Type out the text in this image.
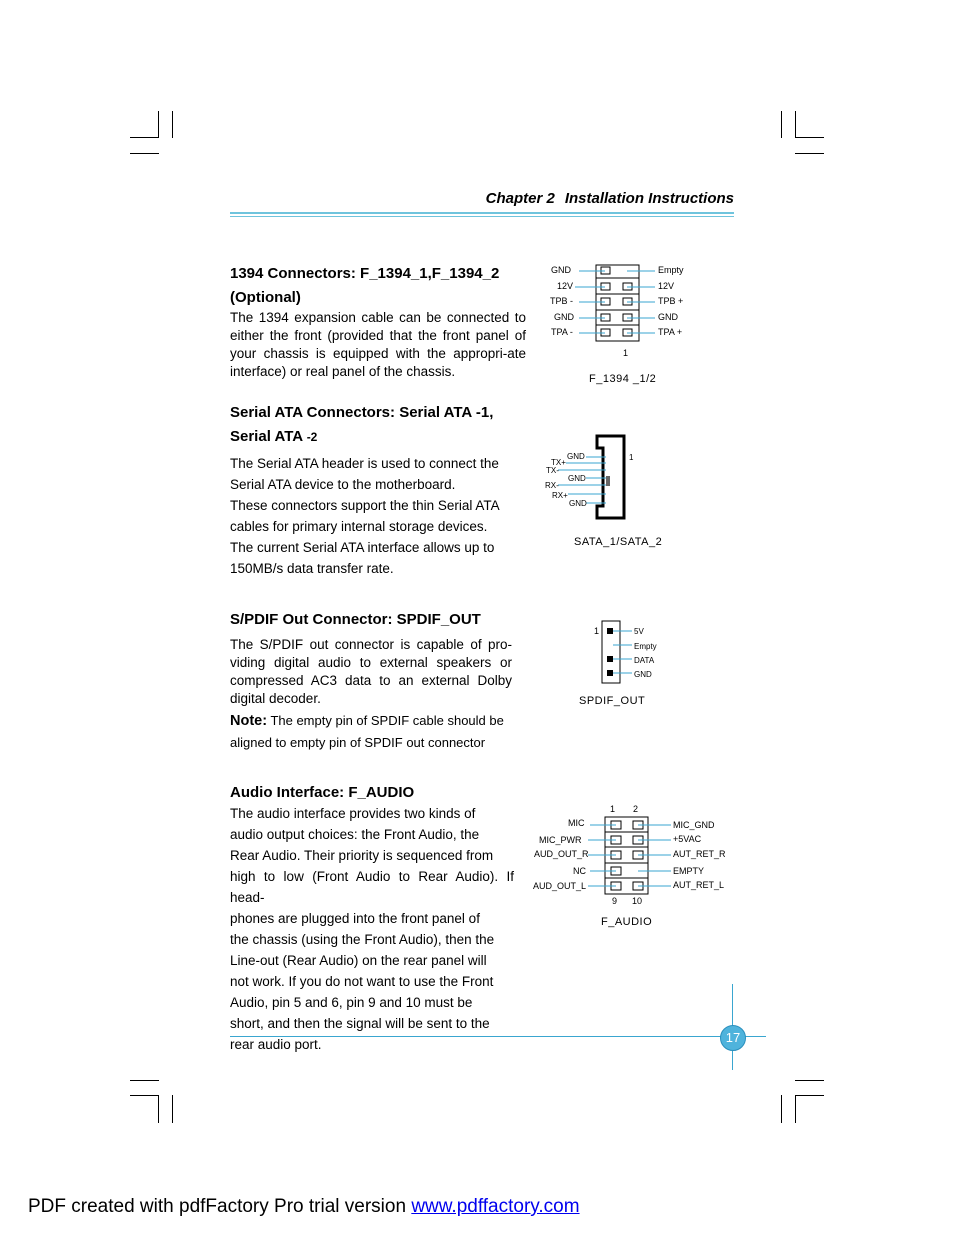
Chapter 2 Installation Instructions
1394 Connectors: F_1394_1,F_1394_2
(Optional)
The 1394 expansion cable can be connected to either the front (provided that the front panel of your chassis is equipped with the appropri-ate interface) or real panel of the chassis.
GND
12V
TPB -
GND
TPA -
Empty
12V
TPB +
GND
TPA +
1
F_1394 _1/2
Serial ATA Connectors: Serial ATA -1,
Serial ATA -2
The Serial ATA header is used to connect the
Serial ATA device to the motherboard.
These connectors support the thin Serial ATA
cables for primary internal storage devices.
The current Serial ATA interface allows up to
150MB/s data transfer rate.
GND
TX+
TX-
GND
RX-
RX+
GND
1
SATA_1/SATA_2
S/PDIF Out Connector: SPDIF_OUT
The S/PDIF out connector is capable of pro-viding digital audio to external speakers or compressed AC3 data to an external Dolby digital decoder.
Note: The empty pin of SPDIF cable should be
aligned to empty pin of SPDIF out connector
1	5V
Empty
DATA
GND
SPDIF_OUT
Audio Interface: F_AUDIO
The audio interface provides two kinds of
audio output choices: the Front Audio, the
Rear Audio. Their priority is sequenced from
high to low (Front Audio to Rear Audio). If head-
phones are plugged into the front panel of
the chassis (using the Front Audio), then the
Line-out (Rear Audio) on the rear panel will
not work. If you do not want to use the Front
Audio, pin 5 and 6, pin 9 and 10 must be
short, and then the signal will be sent to the
rear audio port.
1 2
MIC
MIC_PWR
AUD_OUT_R
NC
AUD_OUT_L
MIC_GND
+5VAC
AUT_RET_R
EMPTY
AUT_RET_L
9 10
F_AUDIO
17
PDF created with pdfFactory Pro trial version www.pdffactory.com
